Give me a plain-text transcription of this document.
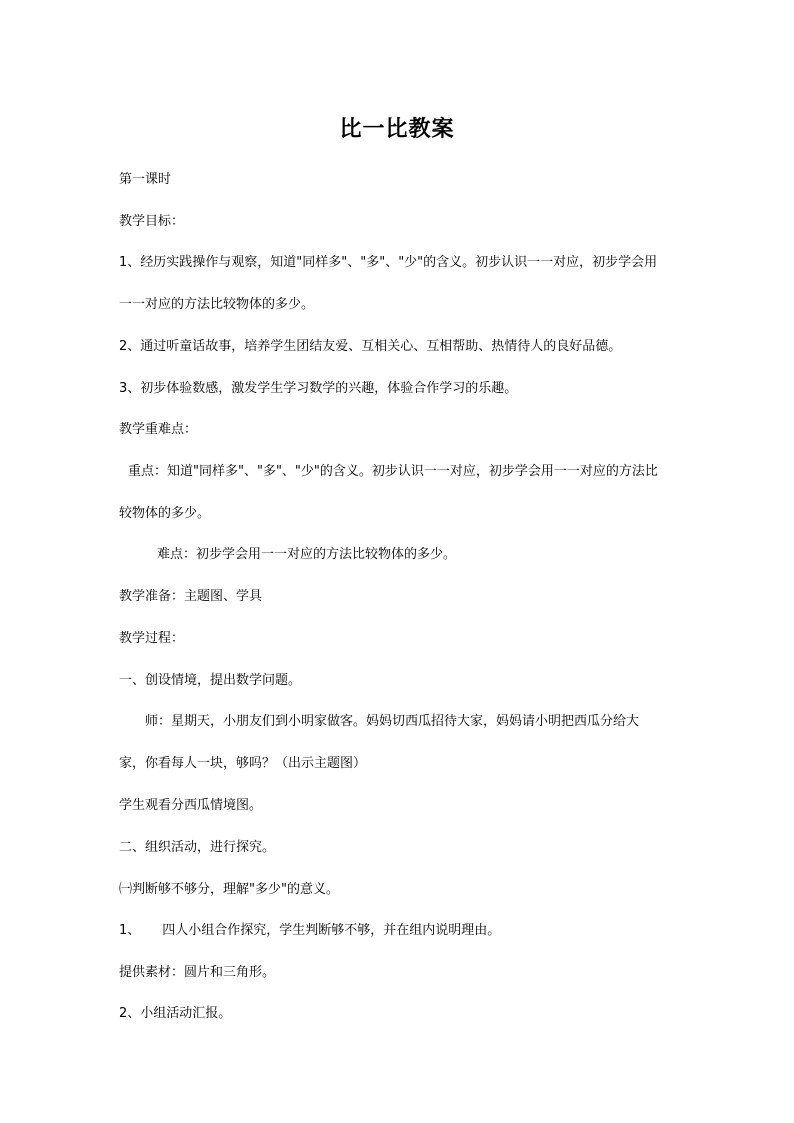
比一比教案

第一课时

教学目标：

1、经历实践操作与观察，知道"同样多"、"多"、"少"的含义。初步认识一一对应，初步学会用

一一对应的方法比较物体的多少。

2、通过听童话故事，培养学生团结友爱、互相关心、互相帮助、热情待人的良好品德。

3、初步体验数感，激发学生学习数学的兴趣，体验合作学习的乐趣。

教学重难点：

重点：知道"同样多"、"多"、"少"的含义。初步认识一一对应，初步学会用一一对应的方法比

较物体的多少。

难点：初步学会用一一对应的方法比较物体的多少。

教学准备：主题图、学具

教学过程：

一、创设情境，提出数学问题。

师：星期天，小朋友们到小明家做客。妈妈切西瓜招待大家，妈妈请小明把西瓜分给大

家，你看每人一块，够吗？（出示主题图）

学生观看分西瓜情境图。

二、组织活动，进行探究。

㈠判断够不够分，理解"多少"的意义。

1、 四人小组合作探究，学生判断够不够，并在组内说明理由。

提供素材：圆片和三角形。

2、小组活动汇报。
